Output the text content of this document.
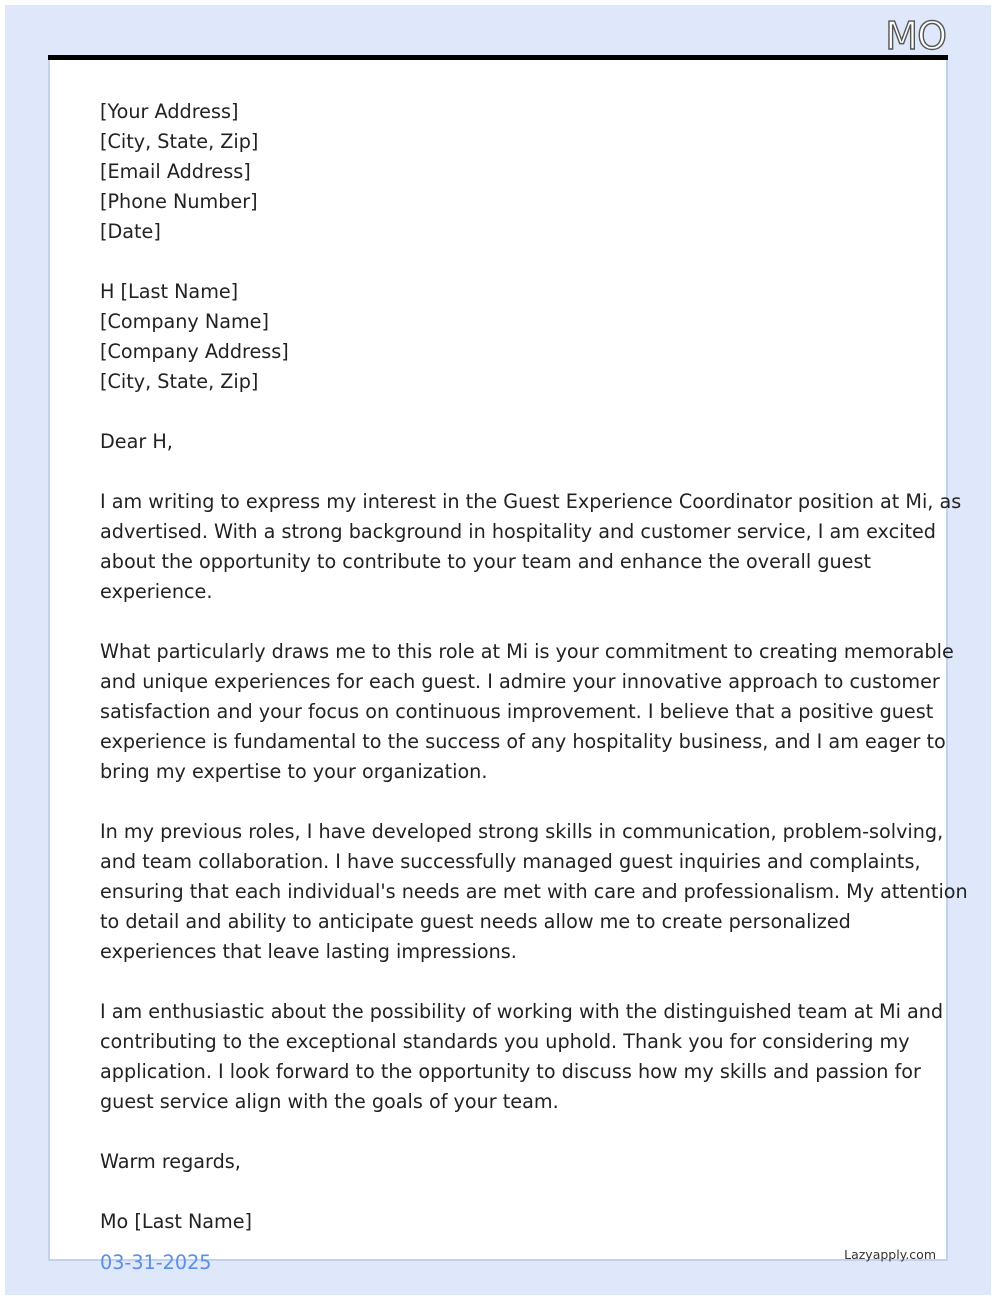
MO
[Your Address]
[City, State, Zip]
[Email Address]
[Phone Number]
[Date]
H [Last Name]
[Company Name]
[Company Address]
[City, State, Zip]
Dear H,
I am writing to express my interest in the Guest Experience Coordinator position at Mi, as
advertised. With a strong background in hospitality and customer service, I am excited
about the opportunity to contribute to your team and enhance the overall guest
experience.
What particularly draws me to this role at Mi is your commitment to creating memorable
and unique experiences for each guest. I admire your innovative approach to customer
satisfaction and your focus on continuous improvement. I believe that a positive guest
experience is fundamental to the success of any hospitality business, and I am eager to
bring my expertise to your organization.
In my previous roles, I have developed strong skills in communication, problem-solving,
and team collaboration. I have successfully managed guest inquiries and complaints,
ensuring that each individual's needs are met with care and professionalism. My attention
to detail and ability to anticipate guest needs allow me to create personalized
experiences that leave lasting impressions.
I am enthusiastic about the possibility of working with the distinguished team at Mi and
contributing to the exceptional standards you uphold. Thank you for considering my
application. I look forward to the opportunity to discuss how my skills and passion for
guest service align with the goals of your team.
Warm regards,
Mo [Last Name]
03-31-2025	Lazyapply.com
